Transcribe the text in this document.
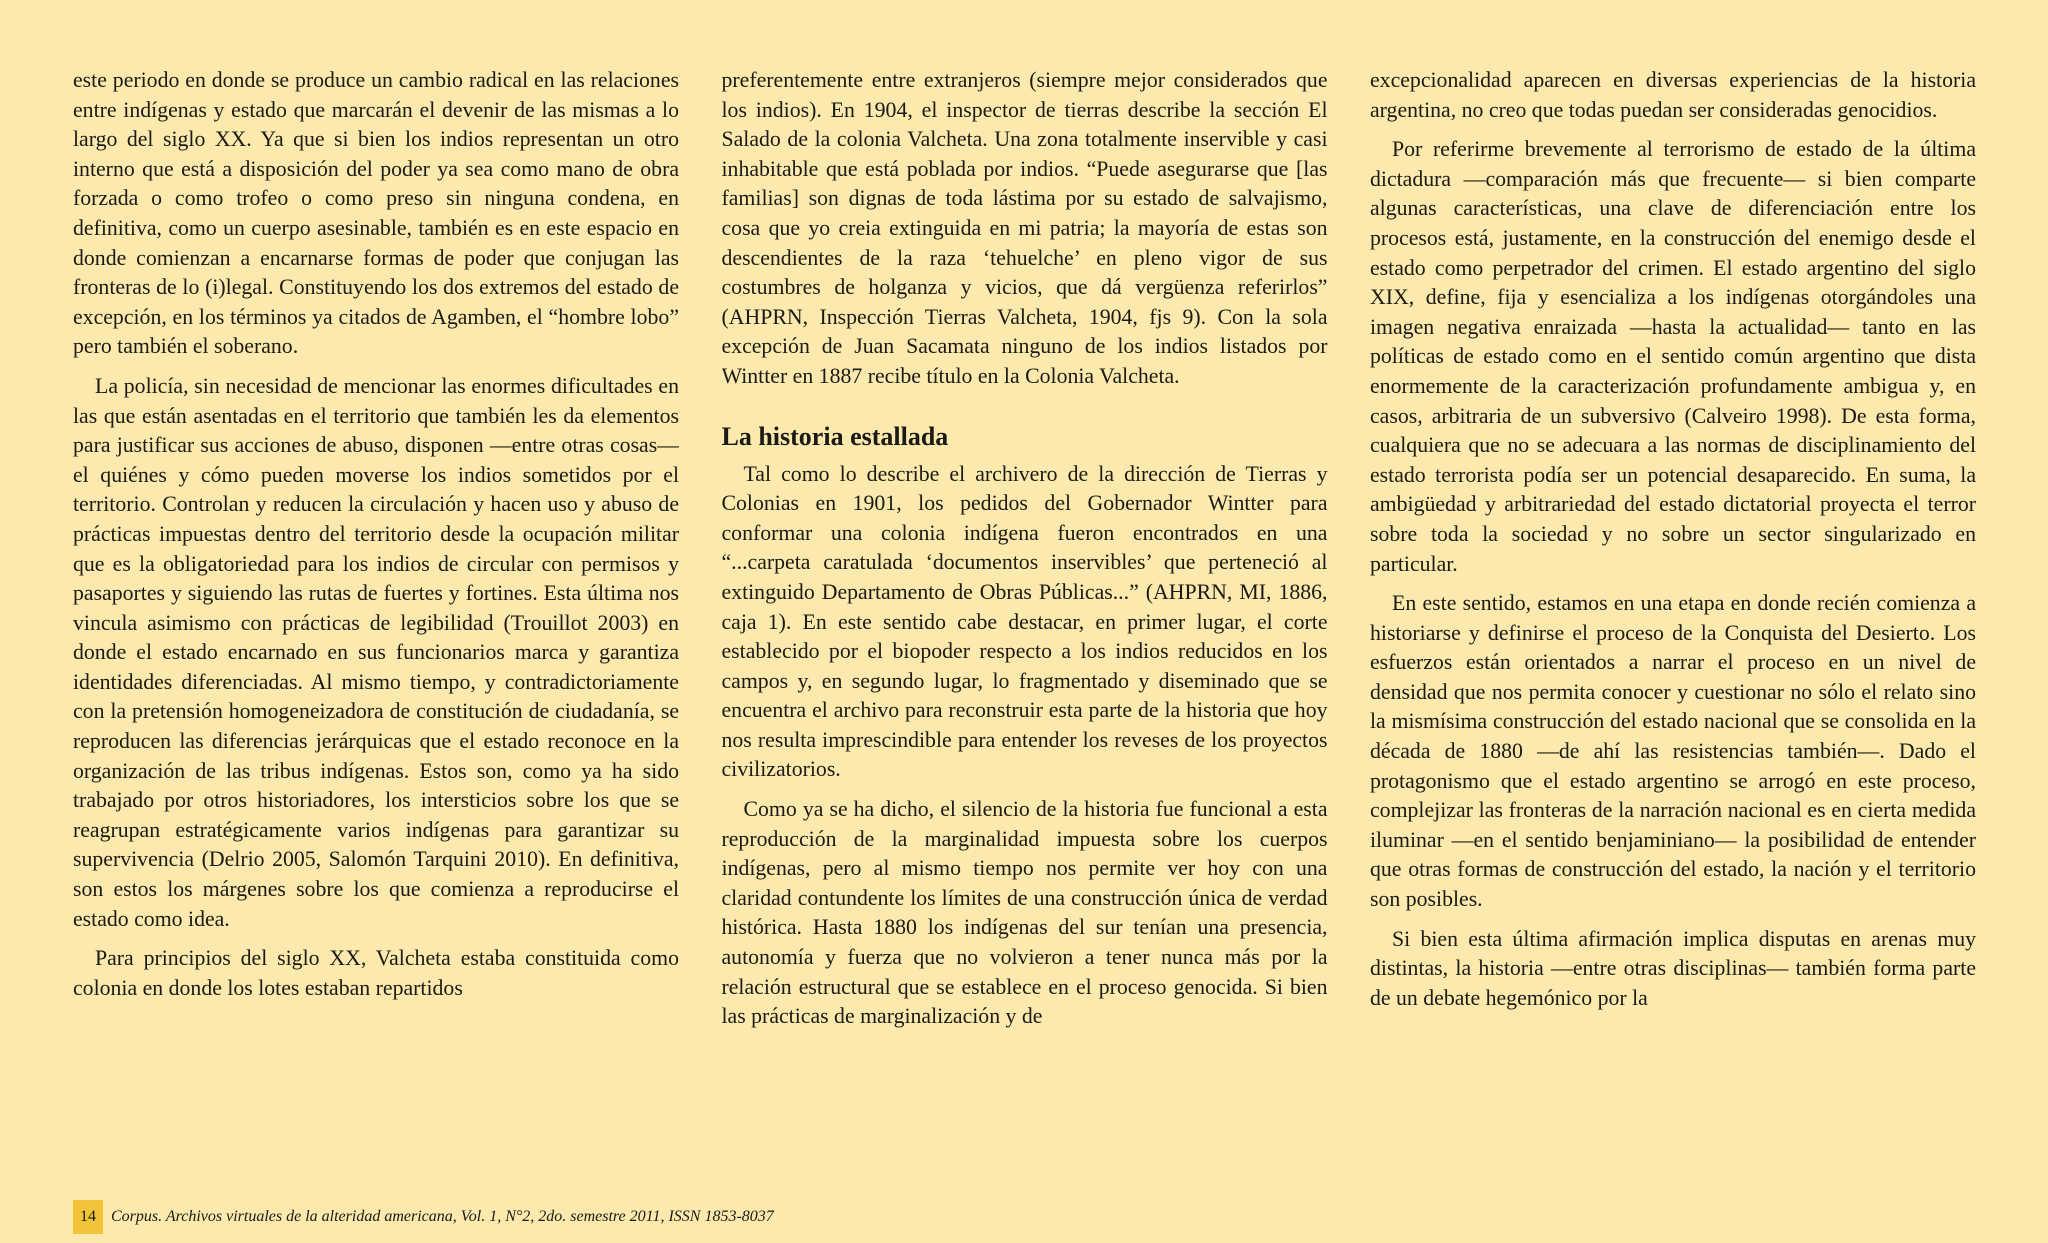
este periodo en donde se produce un cambio radical en las relaciones entre indígenas y estado que marcarán el devenir de las mismas a lo largo del siglo XX. Ya que si bien los indios representan un otro interno que está a disposición del poder ya sea como mano de obra forzada o como trofeo o como preso sin ninguna condena, en definitiva, como un cuerpo asesinable, también es en este espacio en donde comienzan a encarnarse formas de poder que conjugan las fronteras de lo (i)legal. Constituyendo los dos extremos del estado de excepción, en los términos ya citados de Agamben, el “hombre lobo” pero también el soberano.

La policía, sin necesidad de mencionar las enormes dificultades en las que están asentadas en el territorio que también les da elementos para justificar sus acciones de abuso, disponen —entre otras cosas— el quiénes y cómo pueden moverse los indios sometidos por el territorio. Controlan y reducen la circulación y hacen uso y abuso de prácticas impuestas dentro del territorio desde la ocupación militar que es la obligatoriedad para los indios de circular con permisos y pasaportes y siguiendo las rutas de fuertes y fortines. Esta última nos vincula asimismo con prácticas de legibilidad (Trouillot 2003) en donde el estado encarnado en sus funcionarios marca y garantiza identidades diferenciadas. Al mismo tiempo, y contradictoriamente con la pretensión homogeneizadora de constitución de ciudadanía, se reproducen las diferencias jerárquicas que el estado reconoce en la organización de las tribus indígenas. Estos son, como ya ha sido trabajado por otros historiadores, los intersticios sobre los que se reagrupan estratégicamente varios indígenas para garantizar su supervivencia (Delrio 2005, Salomón Tarquini 2010). En definitiva, son estos los márgenes sobre los que comienza a reproducirse el estado como idea.

Para principios del siglo XX, Valcheta estaba constituida como colonia en donde los lotes estaban repartidos

preferentemente entre extranjeros (siempre mejor considerados que los indios). En 1904, el inspector de tierras describe la sección El Salado de la colonia Valcheta. Una zona totalmente inservible y casi inhabitable que está poblada por indios. “Puede asegurarse que [las familias] son dignas de toda lástima por su estado de salvajismo, cosa que yo creia extinguida en mi patria; la mayoría de estas son descendientes de la raza ‘tehuelche’ en pleno vigor de sus costumbres de holganza y vicios, que dá vergüenza referirlos” (AHPRN, Inspección Tierras Valcheta, 1904, fjs 9). Con la sola excepción de Juan Sacamata ninguno de los indios listados por Wintter en 1887 recibe título en la Colonia Valcheta.

La historia estallada

Tal como lo describe el archivero de la dirección de Tierras y Colonias en 1901, los pedidos del Gobernador Wintter para conformar una colonia indígena fueron encontrados en una “...carpeta caratulada ‘documentos inservibles’ que perteneció al extinguido Departamento de Obras Públicas...” (AHPRN, MI, 1886, caja 1). En este sentido cabe destacar, en primer lugar, el corte establecido por el biopoder respecto a los indios reducidos en los campos y, en segundo lugar, lo fragmentado y diseminado que se encuentra el archivo para reconstruir esta parte de la historia que hoy nos resulta imprescindible para entender los reveses de los proyectos civilizatorios.

Como ya se ha dicho, el silencio de la historia fue funcional a esta reproducción de la marginalidad impuesta sobre los cuerpos indígenas, pero al mismo tiempo nos permite ver hoy con una claridad contundente los límites de una construcción única de verdad histórica. Hasta 1880 los indígenas del sur tenían una presencia, autonomía y fuerza que no volvieron a tener nunca más por la relación estructural que se establece en el proceso genocida. Si bien las prácticas de marginalización y de

excepcionalidad aparecen en diversas experiencias de la historia argentina, no creo que todas puedan ser consideradas genocidios.

Por referirme brevemente al terrorismo de estado de la última dictadura —comparación más que frecuente— si bien comparte algunas características, una clave de diferenciación entre los procesos está, justamente, en la construcción del enemigo desde el estado como perpetrador del crimen. El estado argentino del siglo XIX, define, fija y esencializa a los indígenas otorgándoles una imagen negativa enraizada —hasta la actualidad— tanto en las políticas de estado como en el sentido común argentino que dista enormemente de la caracterización profundamente ambigua y, en casos, arbitraria de un subversivo (Calveiro 1998). De esta forma, cualquiera que no se adecuara a las normas de disciplinamiento del estado terrorista podía ser un potencial desaparecido. En suma, la ambigüedad y arbitrariedad del estado dictatorial proyecta el terror sobre toda la sociedad y no sobre un sector singularizado en particular.

En este sentido, estamos en una etapa en donde recién comienza a historiarse y definirse el proceso de la Conquista del Desierto. Los esfuerzos están orientados a narrar el proceso en un nivel de densidad que nos permita conocer y cuestionar no sólo el relato sino la mismísima construcción del estado nacional que se consolida en la década de 1880 —de ahí las resistencias también—. Dado el protagonismo que el estado argentino se arrogó en este proceso, complejizar las fronteras de la narración nacional es en cierta medida iluminar —en el sentido benjaminiano— la posibilidad de entender que otras formas de construcción del estado, la nación y el territorio son posibles.

Si bien esta última afirmación implica disputas en arenas muy distintas, la historia —entre otras disciplinas— también forma parte de un debate hegemónico por la

14 Corpus. Archivos virtuales de la alteridad americana, Vol. 1, N°2, 2do. semestre 2011, ISSN 1853-8037
